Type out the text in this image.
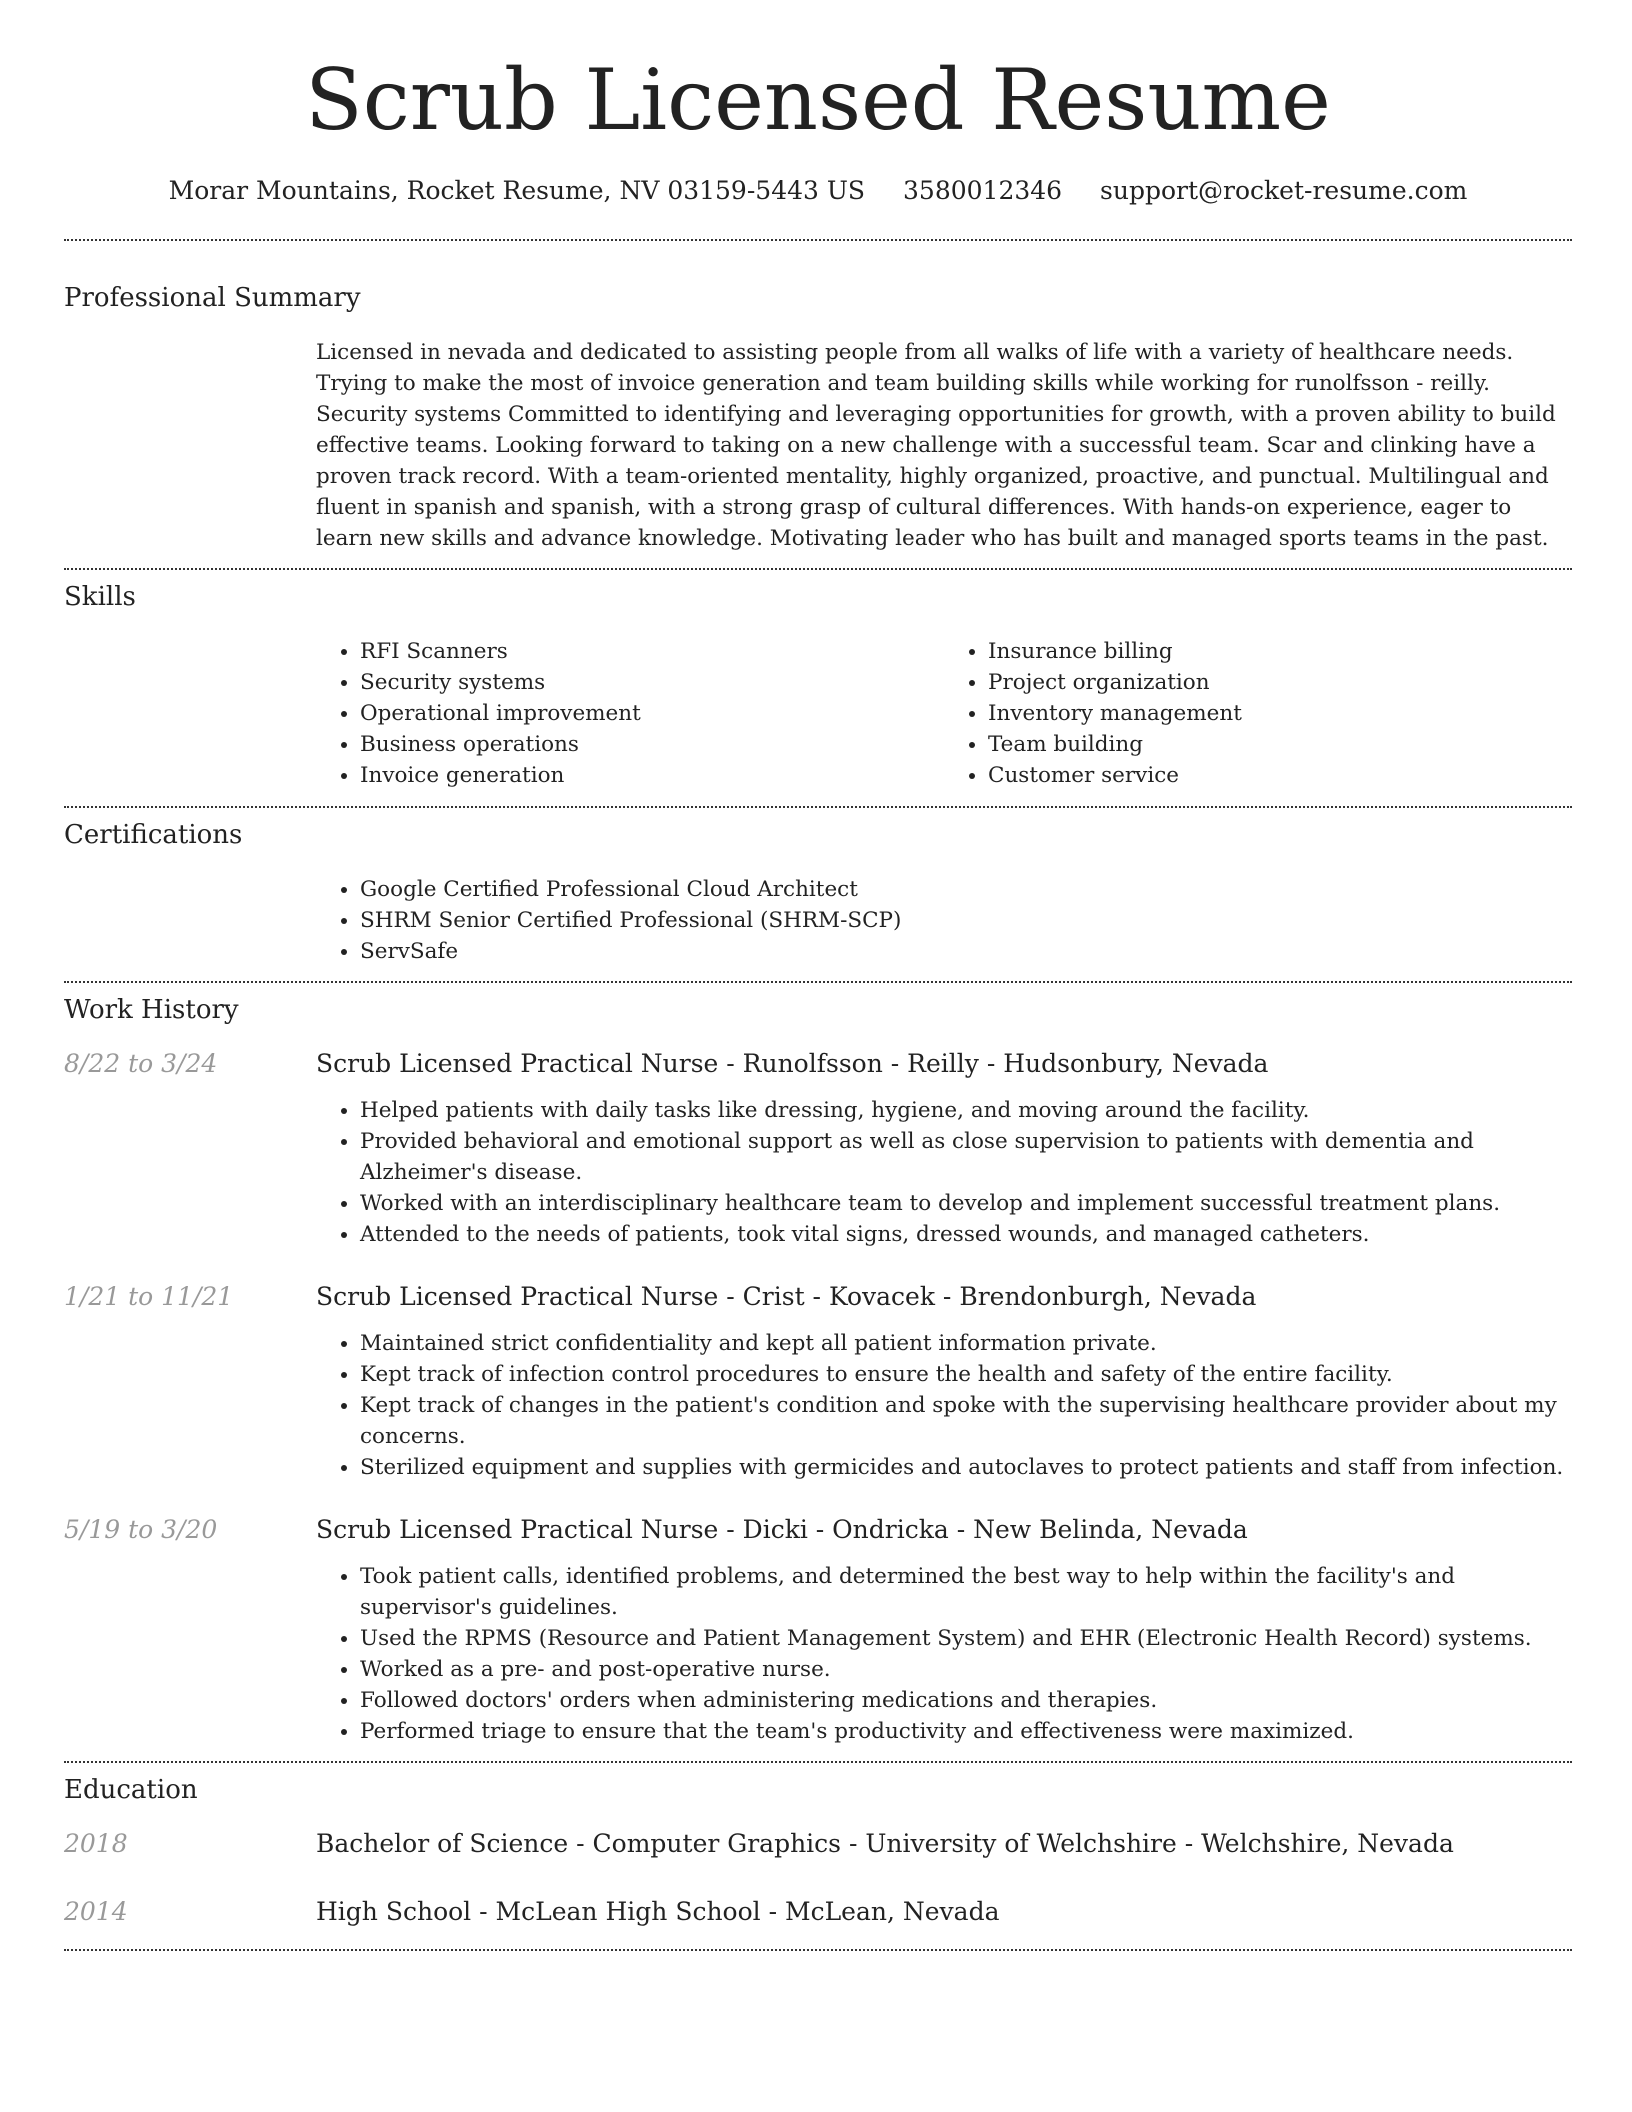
Scrub Licensed Resume
Morar Mountains, Rocket Resume, NV 03159-5443 US 3580012346 support@rocket-resume.com
Professional Summary

Licensed in nevada and dedicated to assisting people from all walks of life with a variety of healthcare needs. Trying to make the most of invoice generation and team building skills while working for runolfsson - reilly. Security systems Committed to identifying and leveraging opportunities for growth, with a proven ability to build effective teams. Looking forward to taking on a new challenge with a successful team. Scar and clinking have a proven track record. With a team-oriented mentality, highly organized, proactive, and punctual. Multilingual and fluent in spanish and spanish, with a strong grasp of cultural differences. With hands-on experience, eager to learn new skills and advance knowledge. Motivating leader who has built and managed sports teams in the past.

Skills
• RFI Scanners
• Security systems
• Operational improvement
• Business operations
• Invoice generation
• Insurance billing
• Project organization
• Inventory management
• Team building
• Customer service
Certifications
• Google Certified Professional Cloud Architect
• SHRM Senior Certified Professional (SHRM-SCP)
• ServSafe
Work History
8/22 to 3/24	Scrub Licensed Practical Nurse - Runolfsson - Reilly - Hudsonbury, Nevada
• Helped patients with daily tasks like dressing, hygiene, and moving around the facility.
• Provided behavioral and emotional support as well as close supervision to patients with dementia and Alzheimer's disease.
• Worked with an interdisciplinary healthcare team to develop and implement successful treatment plans.
• Attended to the needs of patients, took vital signs, dressed wounds, and managed catheters.
1/21 to 11/21	Scrub Licensed Practical Nurse - Crist - Kovacek - Brendonburgh, Nevada
• Maintained strict confidentiality and kept all patient information private.
• Kept track of infection control procedures to ensure the health and safety of the entire facility.
• Kept track of changes in the patient's condition and spoke with the supervising healthcare provider about my concerns.
• Sterilized equipment and supplies with germicides and autoclaves to protect patients and staff from infection.
5/19 to 3/20	Scrub Licensed Practical Nurse - Dicki - Ondricka - New Belinda, Nevada
• Took patient calls, identified problems, and determined the best way to help within the facility's and supervisor's guidelines.
• Used the RPMS (Resource and Patient Management System) and EHR (Electronic Health Record) systems.
• Worked as a pre- and post-operative nurse.
• Followed doctors' orders when administering medications and therapies.
• Performed triage to ensure that the team's productivity and effectiveness were maximized.
Education
2018	Bachelor of Science - Computer Graphics - University of Welchshire - Welchshire, Nevada
2014	High School - McLean High School - McLean, Nevada
